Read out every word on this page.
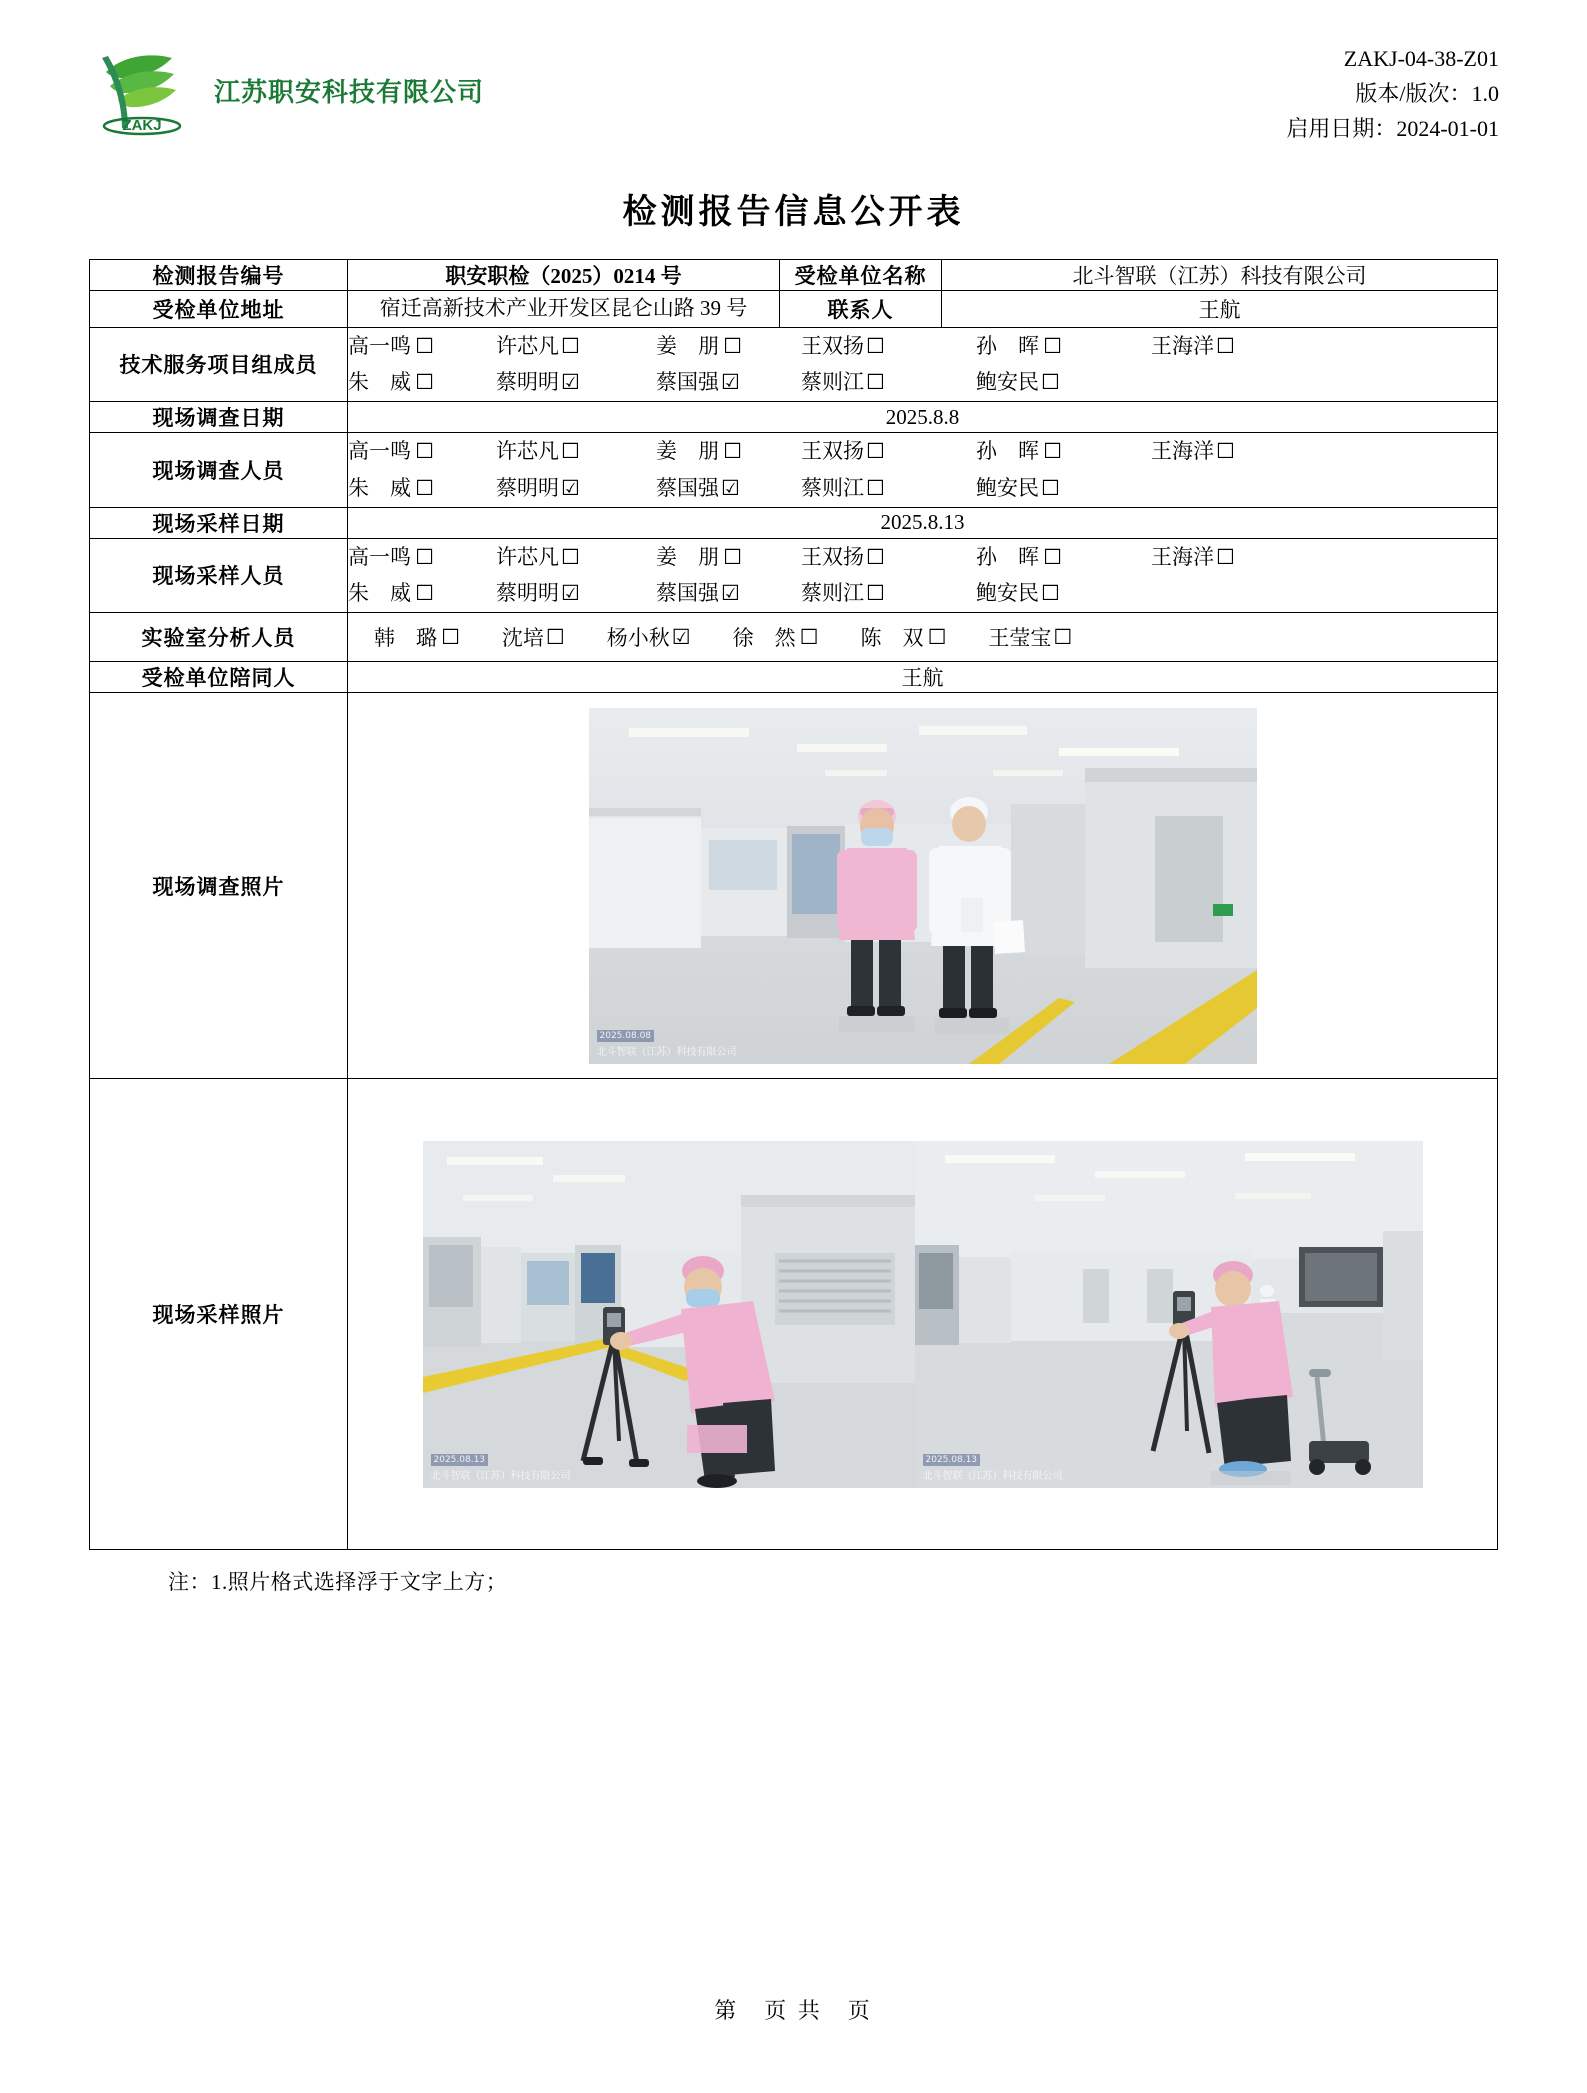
ZAKJ
江苏职安科技有限公司
ZAKJ-04-38-Z01
版本/版次：1.0
启用日期：2024-01-01
检测报告信息公开表
检测报告编号	职安职检（2025）0214 号	受检单位名称	北斗智联（江苏）科技有限公司
受检单位地址	宿迁高新技术产业开发区昆仑山路 39 号	联系人	王航
技术服务项目组成员	
高一鸣 ☐	许芯凡 ☐	姜　朋 ☐	王双扬 ☐	孙　晖 ☐	王海洋 ☐
朱　威 ☐	蔡明明 ☑	蔡国强 ☑	蔡则江 ☐	鲍安民 ☐

现场调查日期	2025.8.8		
现场调查人员	
高一鸣 ☐	许芯凡 ☐	姜　朋 ☐	王双扬 ☐	孙　晖 ☐	王海洋 ☐
朱　威 ☐	蔡明明 ☑	蔡国强 ☑	蔡则江 ☐	鲍安民 ☐

现场采样日期	2025.8.13		
现场采样人员	
高一鸣 ☐	许芯凡 ☐	姜　朋 ☐	王双扬 ☐	孙　晖 ☐	王海洋 ☐
朱　威 ☐	蔡明明 ☑	蔡国强 ☑	蔡则江 ☐	鲍安民 ☐

实验室分析人员	韩　璐 ☐ 沈培 ☐ 杨小秋 ☑ 徐　然 ☐ 陈　双 ☐ 王莹宝 ☐

受检单位陪同人	王航		
现场调查照片	2025.08.08
北斗智联（江苏）科技有限公司		

现场采样照片	2025.08.13
北斗智联（江苏）科技有限公司
2025.08.13
北斗智联（江苏）科技有限公司		
注：1.照片格式选择浮于文字上方；
第　页 共　页
